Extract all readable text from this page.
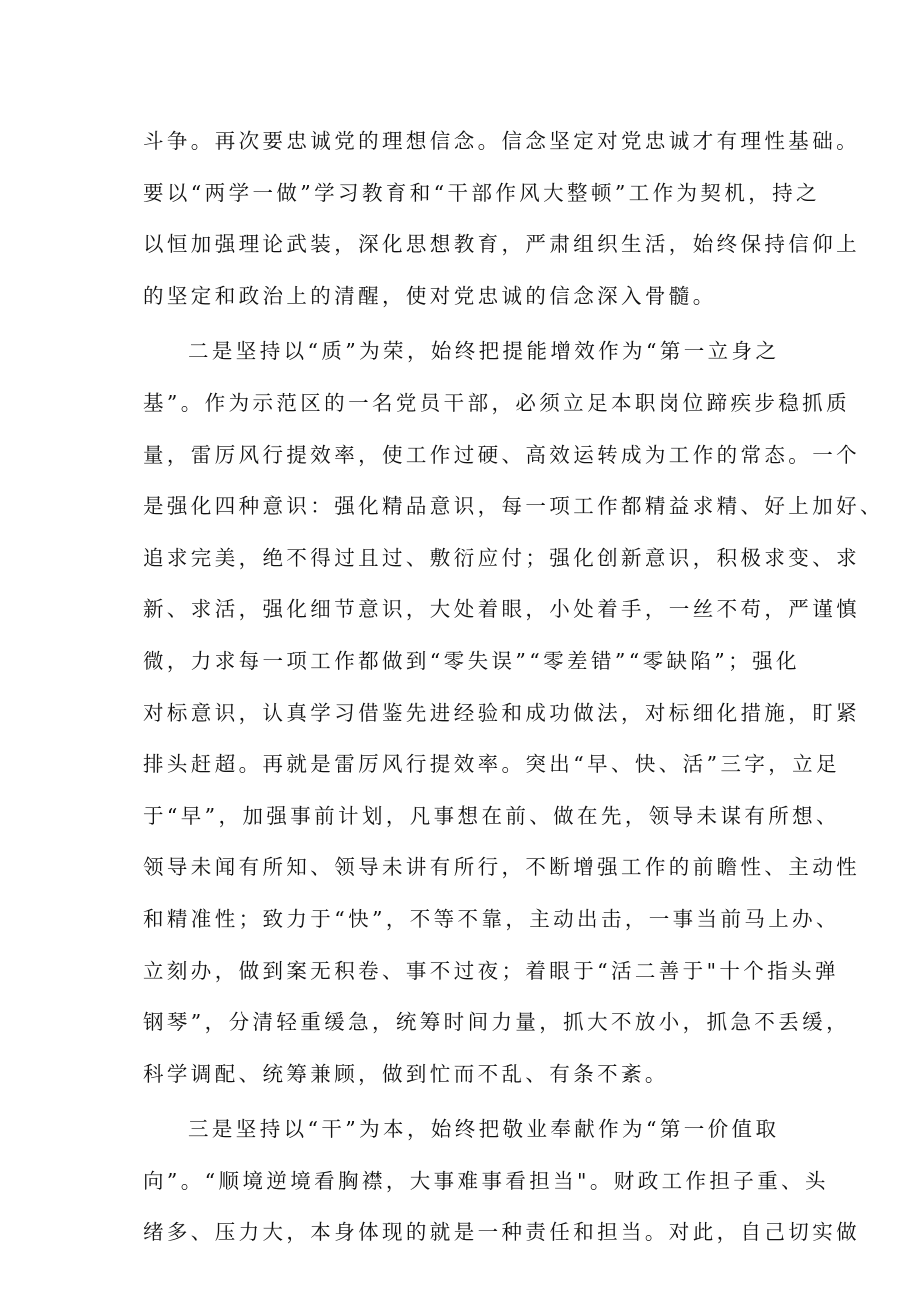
斗争。再次要忠诚党的理想信念。信念坚定对党忠诚才有理性基础。
要以“两学一做”学习教育和“干部作风大整顿”工作为契机，持之
以恒加强理论武装，深化思想教育，严肃组织生活，始终保持信仰上
的坚定和政治上的清醒，使对党忠诚的信念深入骨髓。
二是坚持以“质”为荣，始终把提能增效作为“第一立身之
基”。作为示范区的一名党员干部，必须立足本职岗位蹄疾步稳抓质
量，雷厉风行提效率，使工作过硬、高效运转成为工作的常态。一个
是强化四种意识：强化精品意识，每一项工作都精益求精、好上加好、
追求完美，绝不得过且过、敷衍应付；强化创新意识，积极求变、求
新、求活，强化细节意识，大处着眼，小处着手，一丝不苟，严谨慎
微，力求每一项工作都做到“零失误”“零差错”“零缺陷”；强化
对标意识，认真学习借鉴先进经验和成功做法，对标细化措施，盯紧
排头赶超。再就是雷厉风行提效率。突出“早、快、活”三字，立足
于“早”，加强事前计划，凡事想在前、做在先，领导未谋有所想、
领导未闻有所知、领导未讲有所行，不断增强工作的前瞻性、主动性
和精准性；致力于“快”，不等不靠，主动出击，一事当前马上办、
立刻办，做到案无积卷、事不过夜；着眼于“活二善于"十个指头弹
钢琴”，分清轻重缓急，统筹时间力量，抓大不放小，抓急不丢缓，
科学调配、统筹兼顾，做到忙而不乱、有条不紊。
三是坚持以“干”为本，始终把敬业奉献作为“第一价值取
向”。“顺境逆境看胸襟，大事难事看担当"。财政工作担子重、头
绪多、压力大，本身体现的就是一种责任和担当。对此，自己切实做
